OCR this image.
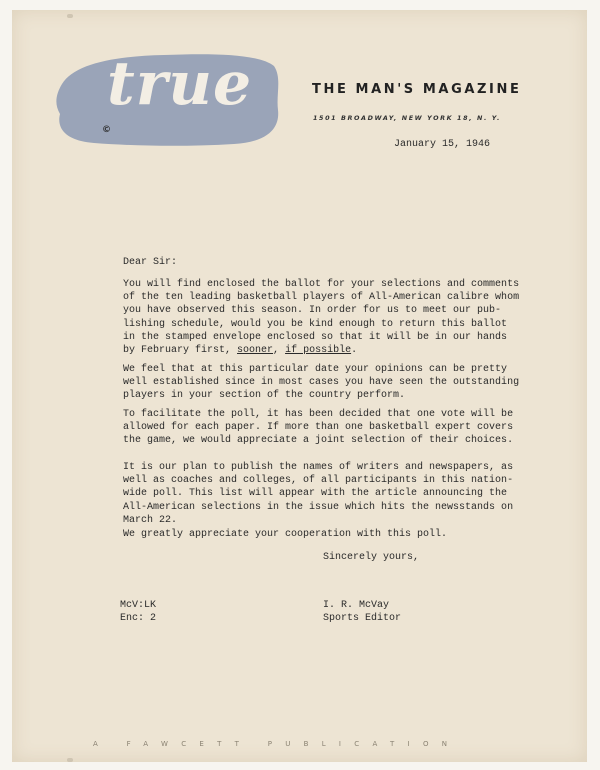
true
©
THE MAN'S MAGAZINE
1501 BROADWAY, NEW YORK 18, N. Y.
January 15, 1946
Dear Sir:

You will find enclosed the ballot for your selections and comments
of the ten leading basketball players of All-American calibre whom
you have observed this season. In order for us to meet our pub-
lishing schedule, would you be kind enough to return this ballot
in the stamped envelope enclosed so that it will be in our hands
by February first, sooner, if possible.

We feel that at this particular date your opinions can be pretty
well established since in most cases you have seen the outstanding
players in your section of the country perform.

To facilitate the poll, it has been decided that one vote will be
allowed for each paper. If more than one basketball expert covers
the game, we would appreciate a joint selection of their choices.

It is our plan to publish the names of writers and newspapers, as
well as coaches and colleges, of all participants in this nation-
wide poll. This list will appear with the article announcing the
All-American selections in the issue which hits the newsstands on
March 22.

We greatly appreciate your cooperation with this poll.

Sincerely yours,
McV:LK
Enc: 2
I. R. McVay
Sports Editor
A FAWCETT PUBLICATION
